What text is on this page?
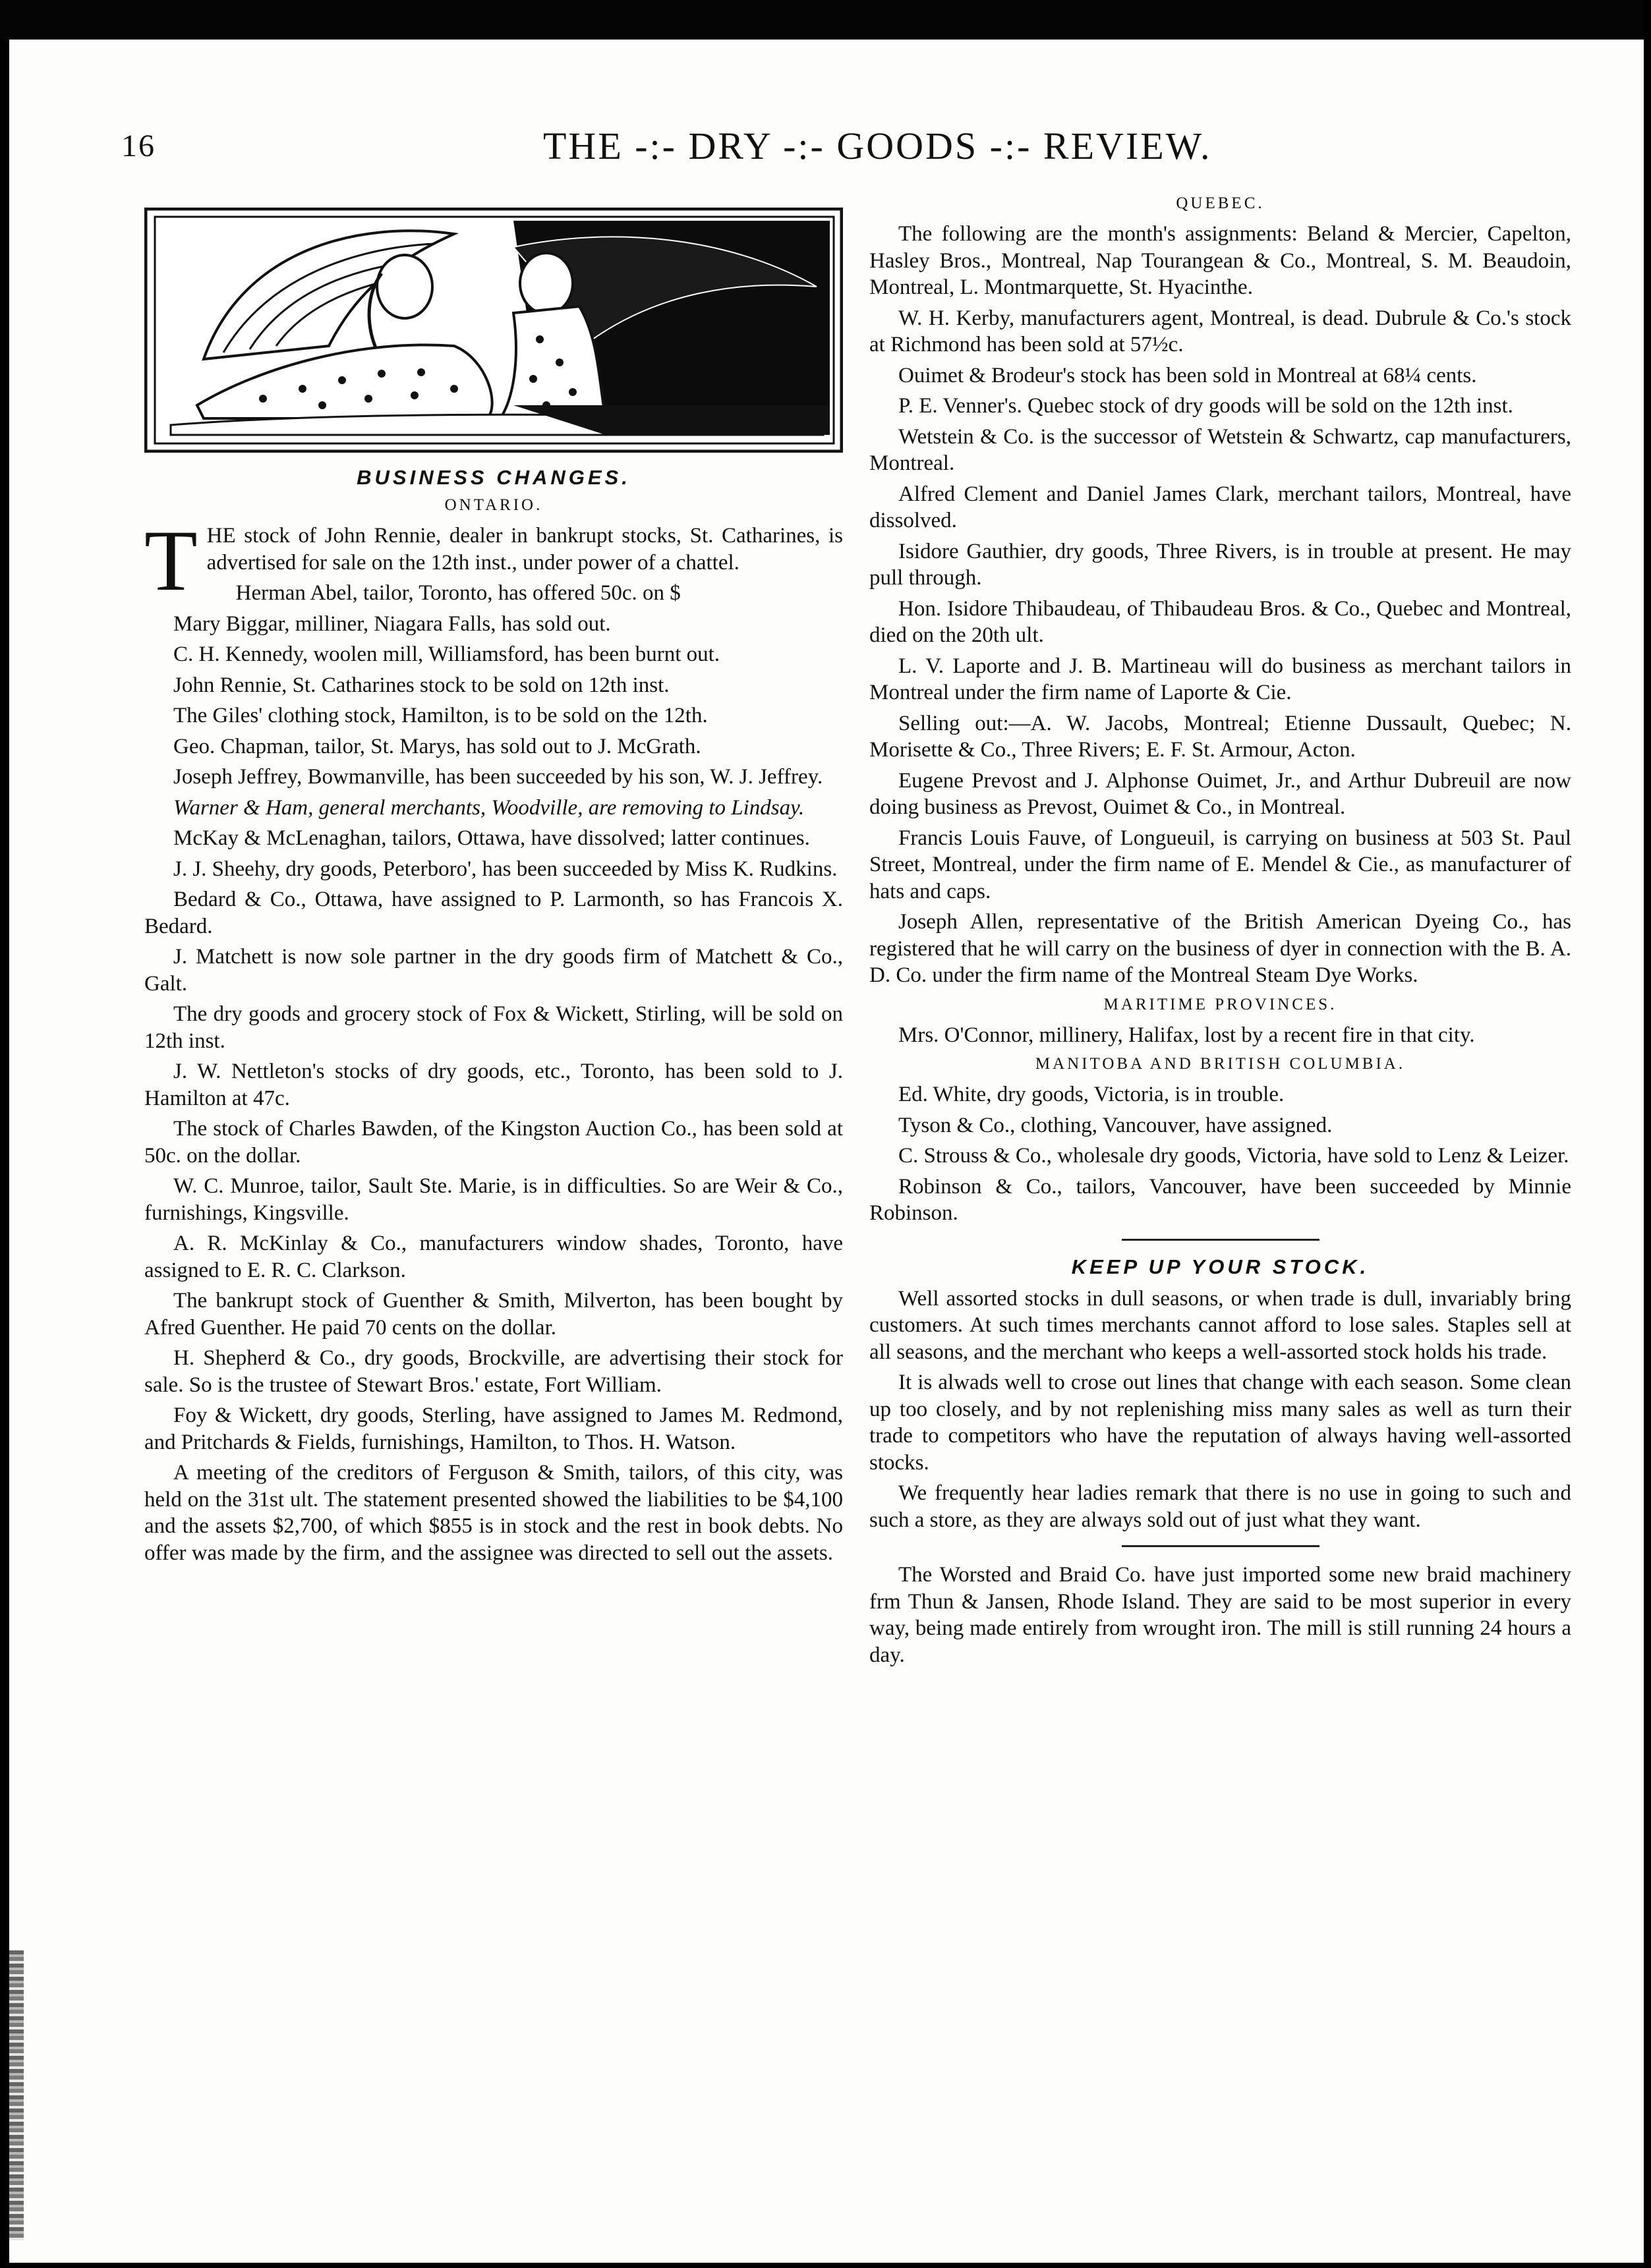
16	THE -:- DRY -:- GOODS -:- REVIEW.
BUSINESS CHANGES.
ONTARIO.

THE stock of John Rennie, dealer in bankrupt stocks, St. Catharines, is advertised for sale on the 12th inst., under power of a chattel.

Herman Abel, tailor, Toronto, has offered 50c. on $

Mary Biggar, milliner, Niagara Falls, has sold out.

C. H. Kennedy, woolen mill, Williamsford, has been burnt out.

John Rennie, St. Catharines stock to be sold on 12th inst.

The Giles' clothing stock, Hamilton, is to be sold on the 12th.

Geo. Chapman, tailor, St. Marys, has sold out to J. McGrath.

Joseph Jeffrey, Bowmanville, has been succeeded by his son, W. J. Jeffrey.

Warner & Ham, general merchants, Woodville, are removing to Lindsay.

McKay & McLenaghan, tailors, Ottawa, have dissolved; latter continues.

J. J. Sheehy, dry goods, Peterboro', has been succeeded by Miss K. Rudkins.

Bedard & Co., Ottawa, have assigned to P. Larmonth, so has Francois X. Bedard.

J. Matchett is now sole partner in the dry goods firm of Matchett & Co., Galt.

The dry goods and grocery stock of Fox & Wickett, Stirling, will be sold on 12th inst.

J. W. Nettleton's stocks of dry goods, etc., Toronto, has been sold to J. Hamilton at 47c.

The stock of Charles Bawden, of the Kingston Auction Co., has been sold at 50c. on the dollar.

W. C. Munroe, tailor, Sault Ste. Marie, is in difficulties. So are Weir & Co., furnishings, Kingsville.

A. R. McKinlay & Co., manufacturers window shades, Toronto, have assigned to E. R. C. Clarkson.

The bankrupt stock of Guenther & Smith, Milverton, has been bought by Afred Guenther. He paid 70 cents on the dollar.

H. Shepherd & Co., dry goods, Brockville, are advertising their stock for sale. So is the trustee of Stewart Bros.' estate, Fort William.

Foy & Wickett, dry goods, Sterling, have assigned to James M. Redmond, and Pritchards & Fields, furnishings, Hamilton, to Thos. H. Watson.

A meeting of the creditors of Ferguson & Smith, tailors, of this city, was held on the 31st ult. The statement presented showed the liabilities to be $4,100 and the assets $2,700, of which $855 is in stock and the rest in book debts. No offer was made by the firm, and the assignee was directed to sell out the assets.

QUEBEC.

The following are the month's assignments: Beland & Mercier, Capelton, Hasley Bros., Montreal, Nap Tourangean & Co., Montreal, S. M. Beaudoin, Montreal, L. Montmarquette, St. Hyacinthe.

W. H. Kerby, manufacturers agent, Montreal, is dead. Dubrule & Co.'s stock at Richmond has been sold at 57½c.

Ouimet & Brodeur's stock has been sold in Montreal at 68¼ cents.

P. E. Venner's. Quebec stock of dry goods will be sold on the 12th inst.

Wetstein & Co. is the successor of Wetstein & Schwartz, cap manufacturers, Montreal.

Alfred Clement and Daniel James Clark, merchant tailors, Montreal, have dissolved.

Isidore Gauthier, dry goods, Three Rivers, is in trouble at present. He may pull through.

Hon. Isidore Thibaudeau, of Thibaudeau Bros. & Co., Quebec and Montreal, died on the 20th ult.

L. V. Laporte and J. B. Martineau will do business as merchant tailors in Montreal under the firm name of Laporte & Cie.

Selling out:—A. W. Jacobs, Montreal; Etienne Dussault, Quebec; N. Morisette & Co., Three Rivers; E. F. St. Armour, Acton.

Eugene Prevost and J. Alphonse Ouimet, Jr., and Arthur Dubreuil are now doing business as Prevost, Ouimet & Co., in Montreal.

Francis Louis Fauve, of Longueuil, is carrying on business at 503 St. Paul Street, Montreal, under the firm name of E. Mendel & Cie., as manufacturer of hats and caps.

Joseph Allen, representative of the British American Dyeing Co., has registered that he will carry on the business of dyer in connection with the B. A. D. Co. under the firm name of the Montreal Steam Dye Works.

MARITIME PROVINCES.

Mrs. O'Connor, millinery, Halifax, lost by a recent fire in that city.

MANITOBA AND BRITISH COLUMBIA.

Ed. White, dry goods, Victoria, is in trouble.

Tyson & Co., clothing, Vancouver, have assigned.

C. Strouss & Co., wholesale dry goods, Victoria, have sold to Lenz & Leizer.

Robinson & Co., tailors, Vancouver, have been succeeded by Minnie Robinson.

KEEP UP YOUR STOCK.

Well assorted stocks in dull seasons, or when trade is dull, invariably bring customers. At such times merchants cannot afford to lose sales. Staples sell at all seasons, and the merchant who keeps a well-assorted stock holds his trade.

It is alwads well to crose out lines that change with each season. Some clean up too closely, and by not replenishing miss many sales as well as turn their trade to competitors who have the reputation of always having well-assorted stocks.

We frequently hear ladies remark that there is no use in going to such and such a store, as they are always sold out of just what they want.

The Worsted and Braid Co. have just imported some new braid machinery frm Thun & Jansen, Rhode Island. They are said to be most superior in every way, being made entirely from wrought iron. The mill is still running 24 hours a day.
